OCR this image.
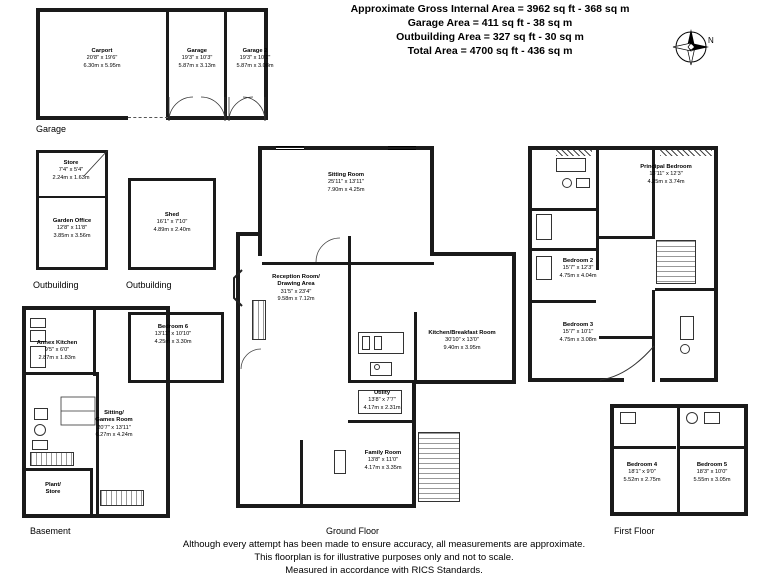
Approximate Gross Internal Area = 3962 sq ft - 368 sq m
Garage Area = 411 sq ft - 38 sq m
Outbuilding Area = 327 sq ft - 30 sq m
Total Area = 4700 sq ft - 436 sq m
N
Carport
20'8" x 19'6"
6.30m x 5.95m
Garage
19'3" x 10'3"
5.87m x 3.13m
Garage 2
19'3" x 10'1"
5.87m x 3.08m
Garage
Store
7'4" x 5'4"
2.24m x 1.63m
Garden Office
12'8" x 11'8"
3.85m x 3.56m
Outbuilding
Shed
16'1" x 7'10"
4.89m x 2.40m
Outbuilding
Annex Kitchen
9'5" x 6'0"
2.87m x 1.83m
Sitting/
Games Room
20'7" x 13'11"
6.27m x 4.24m
Plant/
Store
Basement
Sitting Room
25'11" x 13'11"
7.90m x 4.25m
Reception Room/
Drawing Area
31'5" x 23'4"
9.58m x 7.12m
Kitchen/Breakfast Room
30'10" x 13'0"
9.40m x 3.95m
Utility
13'8" x 7'7"
4.17m x 2.31m
Family Room
13'8" x 11'0"
4.17m x 3.35m
Bedroom 6
13'11" x 10'10"
4.25m x 3.30m
Ground Floor
Principal Bedroom
13'11" x 12'3"
4.25m x 3.74m
Bedroom 2
15'7" x 12'3"
4.75m x 4.04m
Bedroom 3
15'7" x 10'1"
4.75m x 3.08m
Bedroom 4
18'1" x 9'0"
5.52m x 2.75m
Bedroom 5
18'3" x 10'0"
5.55m x 3.05m
First Floor
Although every attempt has been made to ensure accuracy, all measurements are approximate.
This floorplan is for illustrative purposes only and not to scale.
Measured in accordance with RICS Standards.
